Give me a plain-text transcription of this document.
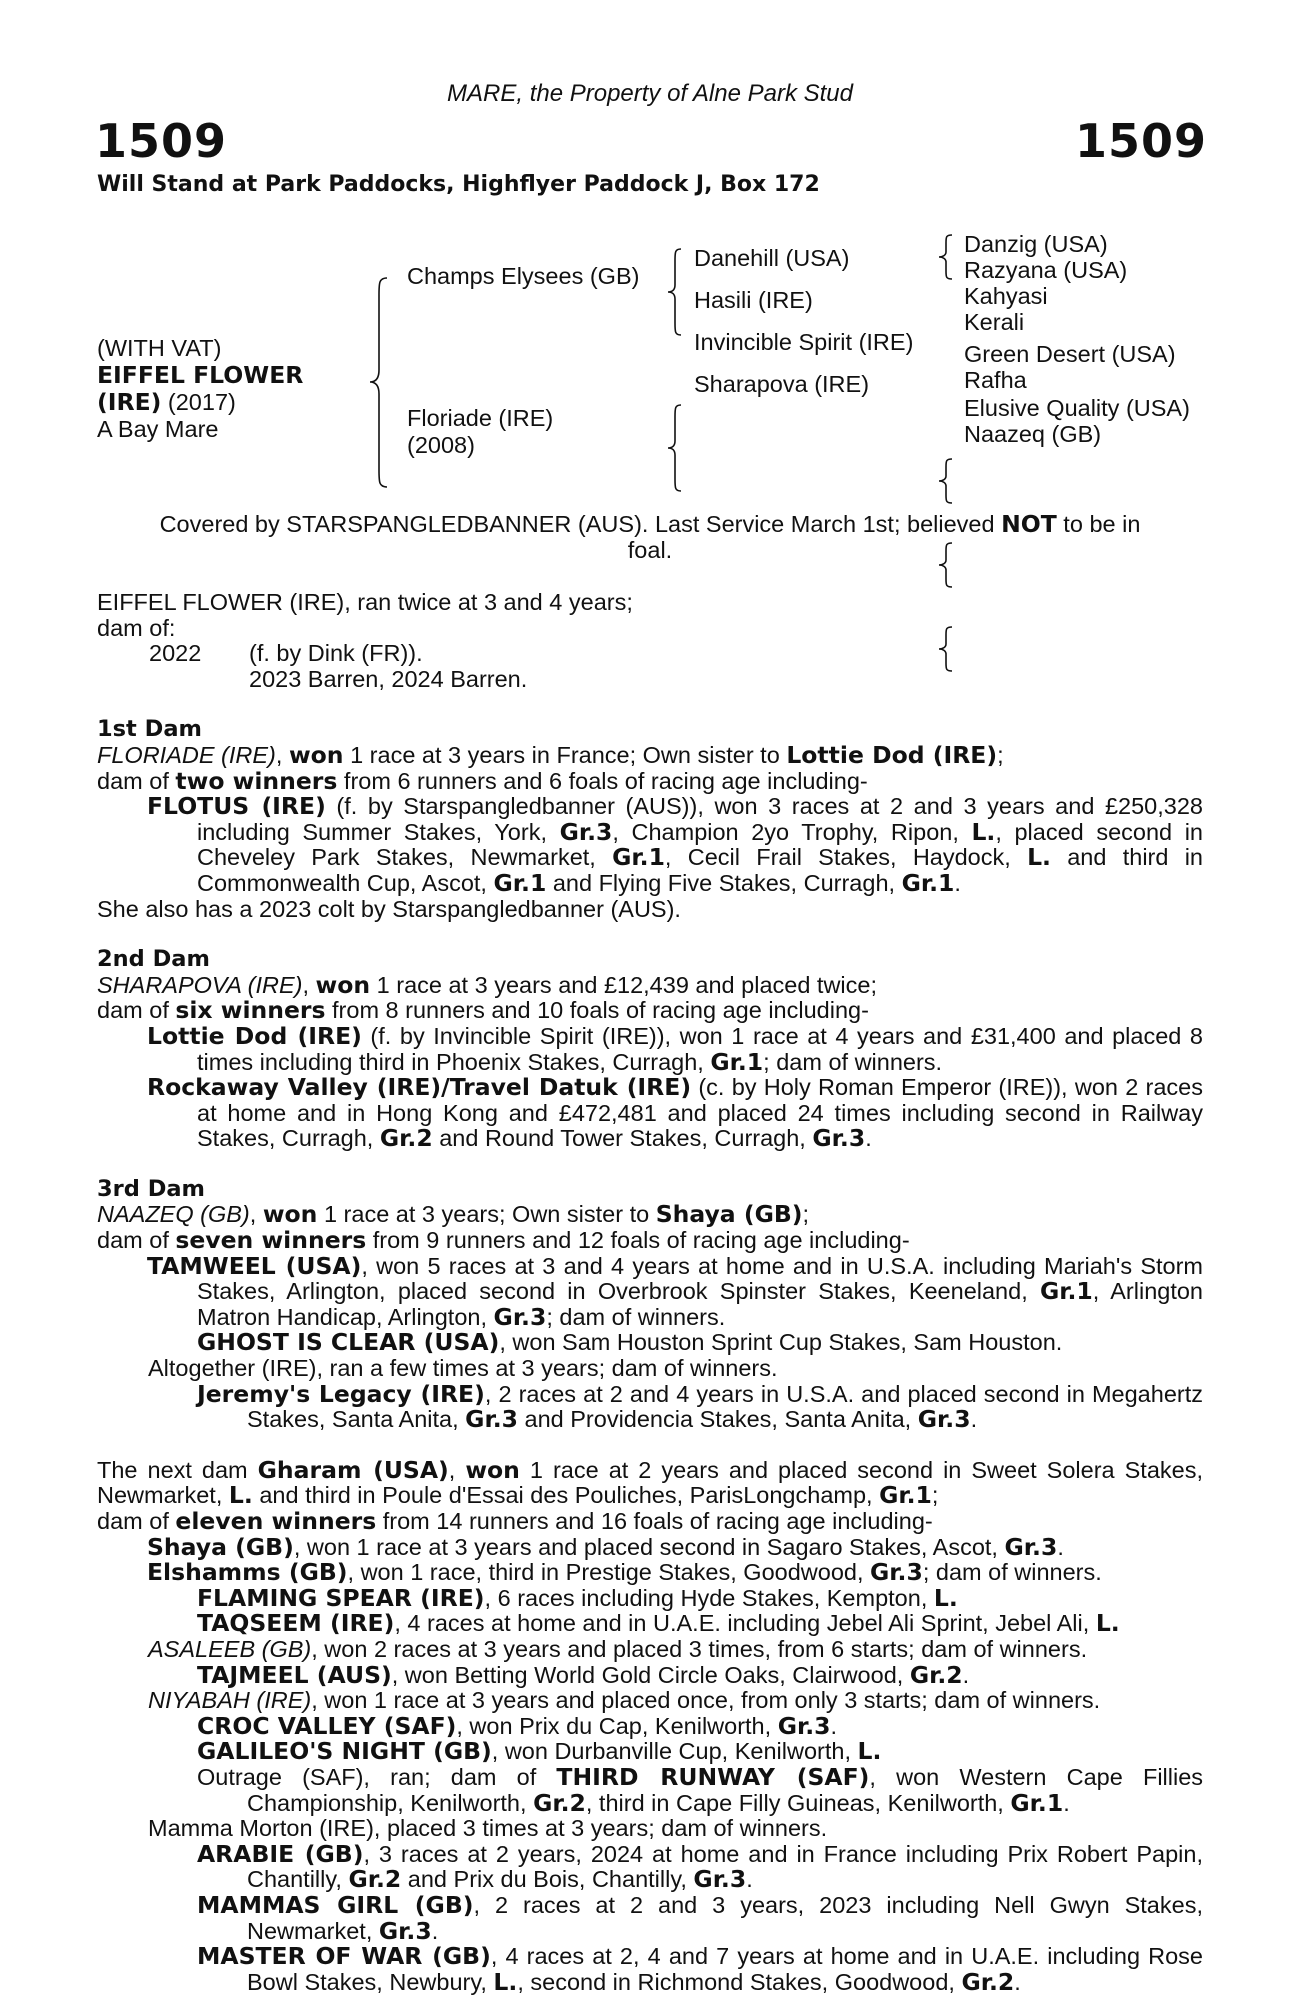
MARE, the Property of Alne Park Stud
1509	1509
Will Stand at Park Paddocks, Highflyer Paddock J, Box 172
(WITH VAT)
EIFFEL FLOWER
(IRE) (2017)
A Bay Mare
Champs Elysees (GB)
Floriade (IRE)
(2008)
Danehill (USA)
Hasili (IRE)
Invincible Spirit (IRE)
Sharapova (IRE)
Danzig (USA)
Razyana (USA)
Kahyasi
Kerali
Green Desert (USA)
Rafha
Elusive Quality (USA)
Naazeq (GB)
Covered by STARSPANGLEDBANNER (AUS). Last Service March 1st; believed NOT to be in
foal.

EIFFEL FLOWER (IRE), ran twice at 3 and 4 years;

dam of:

2022	(f. by Dink (FR)).
2023 Barren, 2024 Barren.
1st Dam

FLORIADE (IRE), won 1 race at 3 years in France; Own sister to Lottie Dod (IRE);

dam of two winners from 6 runners and 6 foals of racing age including-

FLOTUS (IRE) (f. by Starspangledbanner (AUS)), won 3 races at 2 and 3 years and £250,328 including Summer Stakes, York, Gr.3, Champion 2yo Trophy, Ripon, L., placed second in Cheveley Park Stakes, Newmarket, Gr.1, Cecil Frail Stakes, Haydock, L. and third in Commonwealth Cup, Ascot, Gr.1 and Flying Five Stakes, Curragh, Gr.1.

She also has a 2023 colt by Starspangledbanner (AUS).

2nd Dam

SHARAPOVA (IRE), won 1 race at 3 years and £12,439 and placed twice;

dam of six winners from 8 runners and 10 foals of racing age including-

Lottie Dod (IRE) (f. by Invincible Spirit (IRE)), won 1 race at 4 years and £31,400 and placed 8 times including third in Phoenix Stakes, Curragh, Gr.1; dam of winners.

Rockaway Valley (IRE)/Travel Datuk (IRE) (c. by Holy Roman Emperor (IRE)), won 2 races at home and in Hong Kong and £472,481 and placed 24 times including second in Railway Stakes, Curragh, Gr.2 and Round Tower Stakes, Curragh, Gr.3.

3rd Dam

NAAZEQ (GB), won 1 race at 3 years; Own sister to Shaya (GB);

dam of seven winners from 9 runners and 12 foals of racing age including-

TAMWEEL (USA), won 5 races at 3 and 4 years at home and in U.S.A. including Mariah's Storm Stakes, Arlington, placed second in Overbrook Spinster Stakes, Keeneland, Gr.1, Arlington Matron Handicap, Arlington, Gr.3; dam of winners.

GHOST IS CLEAR (USA), won Sam Houston Sprint Cup Stakes, Sam Houston.

Altogether (IRE), ran a few times at 3 years; dam of winners.

Jeremy's Legacy (IRE), 2 races at 2 and 4 years in U.S.A. and placed second in Megahertz Stakes, Santa Anita, Gr.3 and Providencia Stakes, Santa Anita, Gr.3.

The next dam Gharam (USA), won 1 race at 2 years and placed second in Sweet Solera Stakes, Newmarket, L. and third in Poule d'Essai des Pouliches, ParisLongchamp, Gr.1;

dam of eleven winners from 14 runners and 16 foals of racing age including-

Shaya (GB), won 1 race at 3 years and placed second in Sagaro Stakes, Ascot, Gr.3.

Elshamms (GB), won 1 race, third in Prestige Stakes, Goodwood, Gr.3; dam of winners.

FLAMING SPEAR (IRE), 6 races including Hyde Stakes, Kempton, L.

TAQSEEM (IRE), 4 races at home and in U.A.E. including Jebel Ali Sprint, Jebel Ali, L.

ASALEEB (GB), won 2 races at 3 years and placed 3 times, from 6 starts; dam of winners.

TAJMEEL (AUS), won Betting World Gold Circle Oaks, Clairwood, Gr.2.

NIYABAH (IRE), won 1 race at 3 years and placed once, from only 3 starts; dam of winners.

CROC VALLEY (SAF), won Prix du Cap, Kenilworth, Gr.3.

GALILEO'S NIGHT (GB), won Durbanville Cup, Kenilworth, L.

Outrage (SAF), ran; dam of THIRD RUNWAY (SAF), won Western Cape Fillies Championship, Kenilworth, Gr.2, third in Cape Filly Guineas, Kenilworth, Gr.1.

Mamma Morton (IRE), placed 3 times at 3 years; dam of winners.

ARABIE (GB), 3 races at 2 years, 2024 at home and in France including Prix Robert Papin, Chantilly, Gr.2 and Prix du Bois, Chantilly, Gr.3.

MAMMAS GIRL (GB), 2 races at 2 and 3 years, 2023 including Nell Gwyn Stakes, Newmarket, Gr.3.

MASTER OF WAR (GB), 4 races at 2, 4 and 7 years at home and in U.A.E. including Rose Bowl Stakes, Newbury, L., second in Richmond Stakes, Goodwood, Gr.2.
